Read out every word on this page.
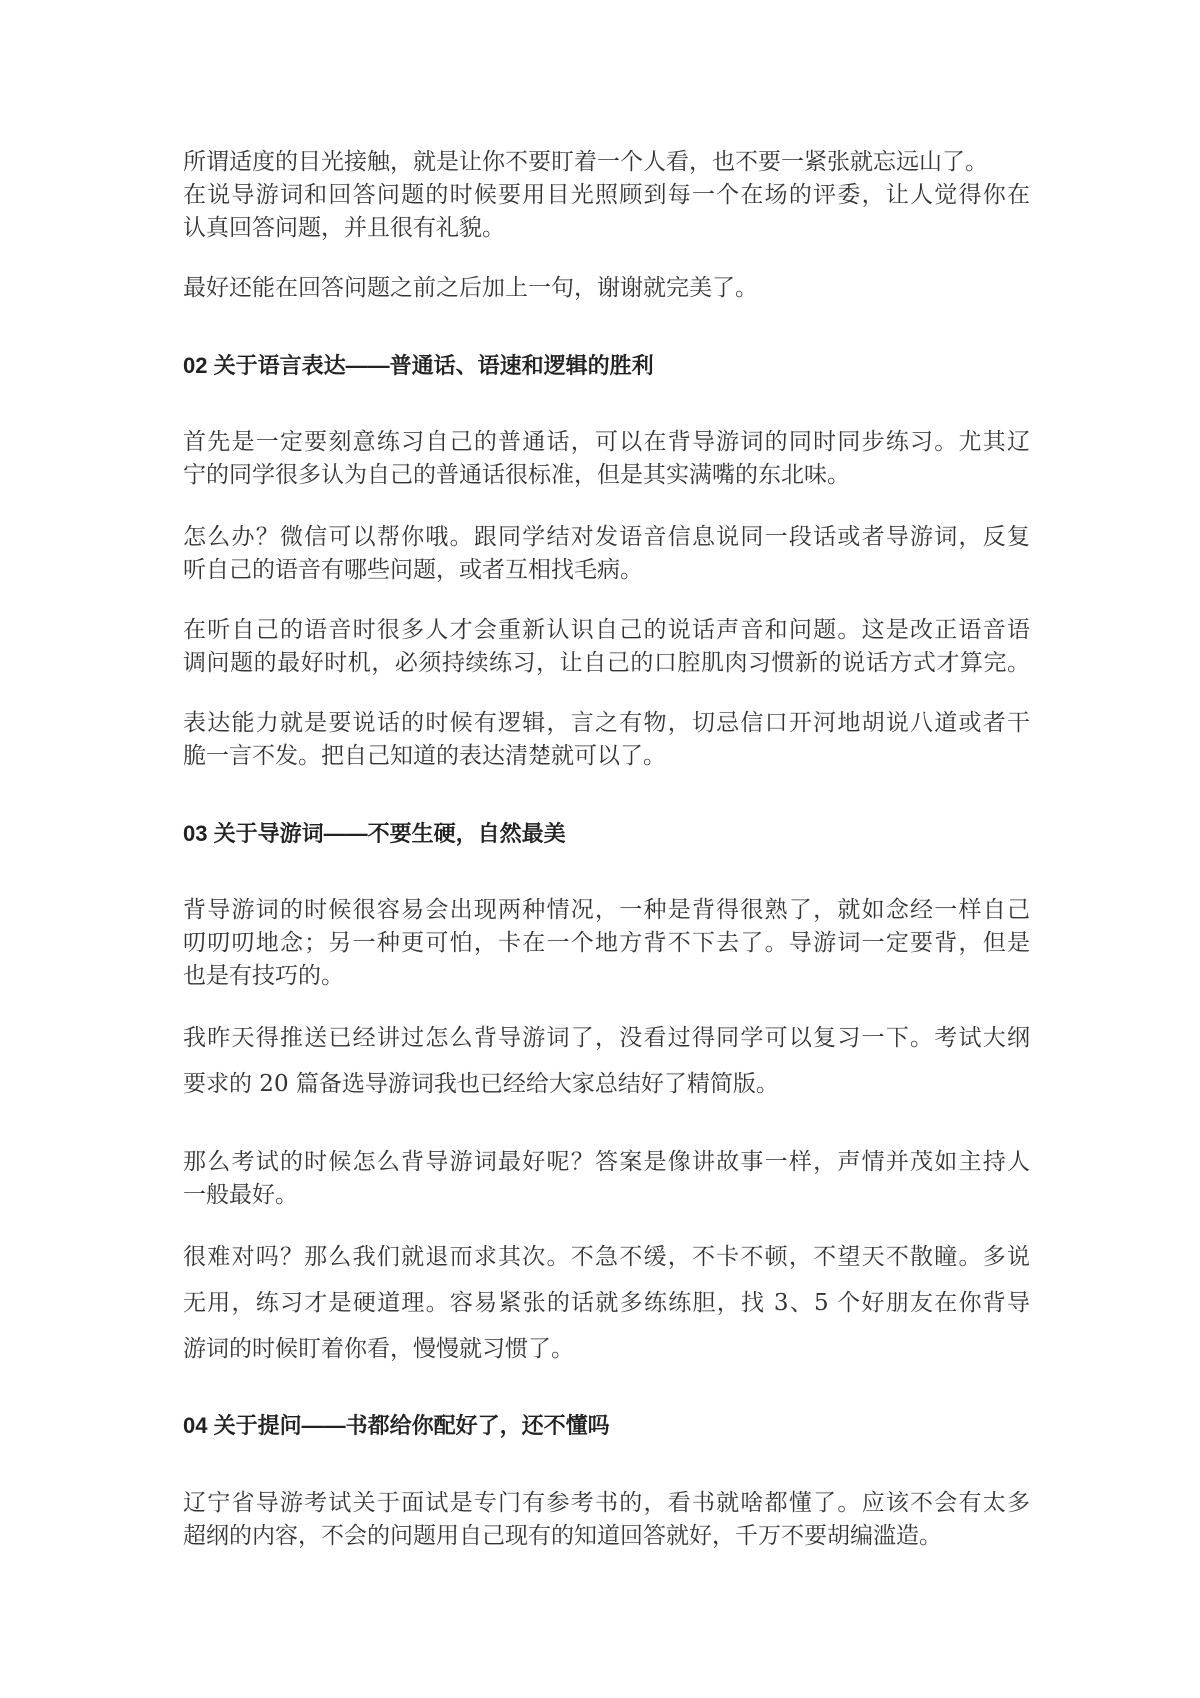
所谓适度的目光接触，就是让你不要盯着一个人看，也不要一紧张就忘远山了。
在说导游词和回答问题的时候要用目光照顾到每一个在场的评委，让人觉得你在
认真回答问题，并且很有礼貌。
最好还能在回答问题之前之后加上一句，谢谢就完美了。
02 关于语言表达——普通话、语速和逻辑的胜利
首先是一定要刻意练习自己的普通话，可以在背导游词的同时同步练习。尤其辽
宁的同学很多认为自己的普通话很标准，但是其实满嘴的东北味。
怎么办？微信可以帮你哦。跟同学结对发语音信息说同一段话或者导游词，反复
听自己的语音有哪些问题，或者互相找毛病。
在听自己的语音时很多人才会重新认识自己的说话声音和问题。这是改正语音语
调问题的最好时机，必须持续练习，让自己的口腔肌肉习惯新的说话方式才算完。
表达能力就是要说话的时候有逻辑，言之有物，切忌信口开河地胡说八道或者干
脆一言不发。把自己知道的表达清楚就可以了。
03 关于导游词——不要生硬，自然最美
背导游词的时候很容易会出现两种情况，一种是背得很熟了，就如念经一样自己
叨叨叨地念；另一种更可怕，卡在一个地方背不下去了。导游词一定要背，但是
也是有技巧的。
我昨天得推送已经讲过怎么背导游词了，没看过得同学可以复习一下。考试大纲
要求的 20 篇备选导游词我也已经给大家总结好了精简版。
那么考试的时候怎么背导游词最好呢？答案是像讲故事一样，声情并茂如主持人
一般最好。
很难对吗？那么我们就退而求其次。不急不缓，不卡不顿，不望天不散瞳。多说
无用，练习才是硬道理。容易紧张的话就多练练胆，找 3、5 个好朋友在你背导
游词的时候盯着你看，慢慢就习惯了。
04 关于提问——书都给你配好了，还不懂吗
辽宁省导游考试关于面试是专门有参考书的，看书就啥都懂了。应该不会有太多
超纲的内容，不会的问题用自己现有的知道回答就好，千万不要胡编滥造。
